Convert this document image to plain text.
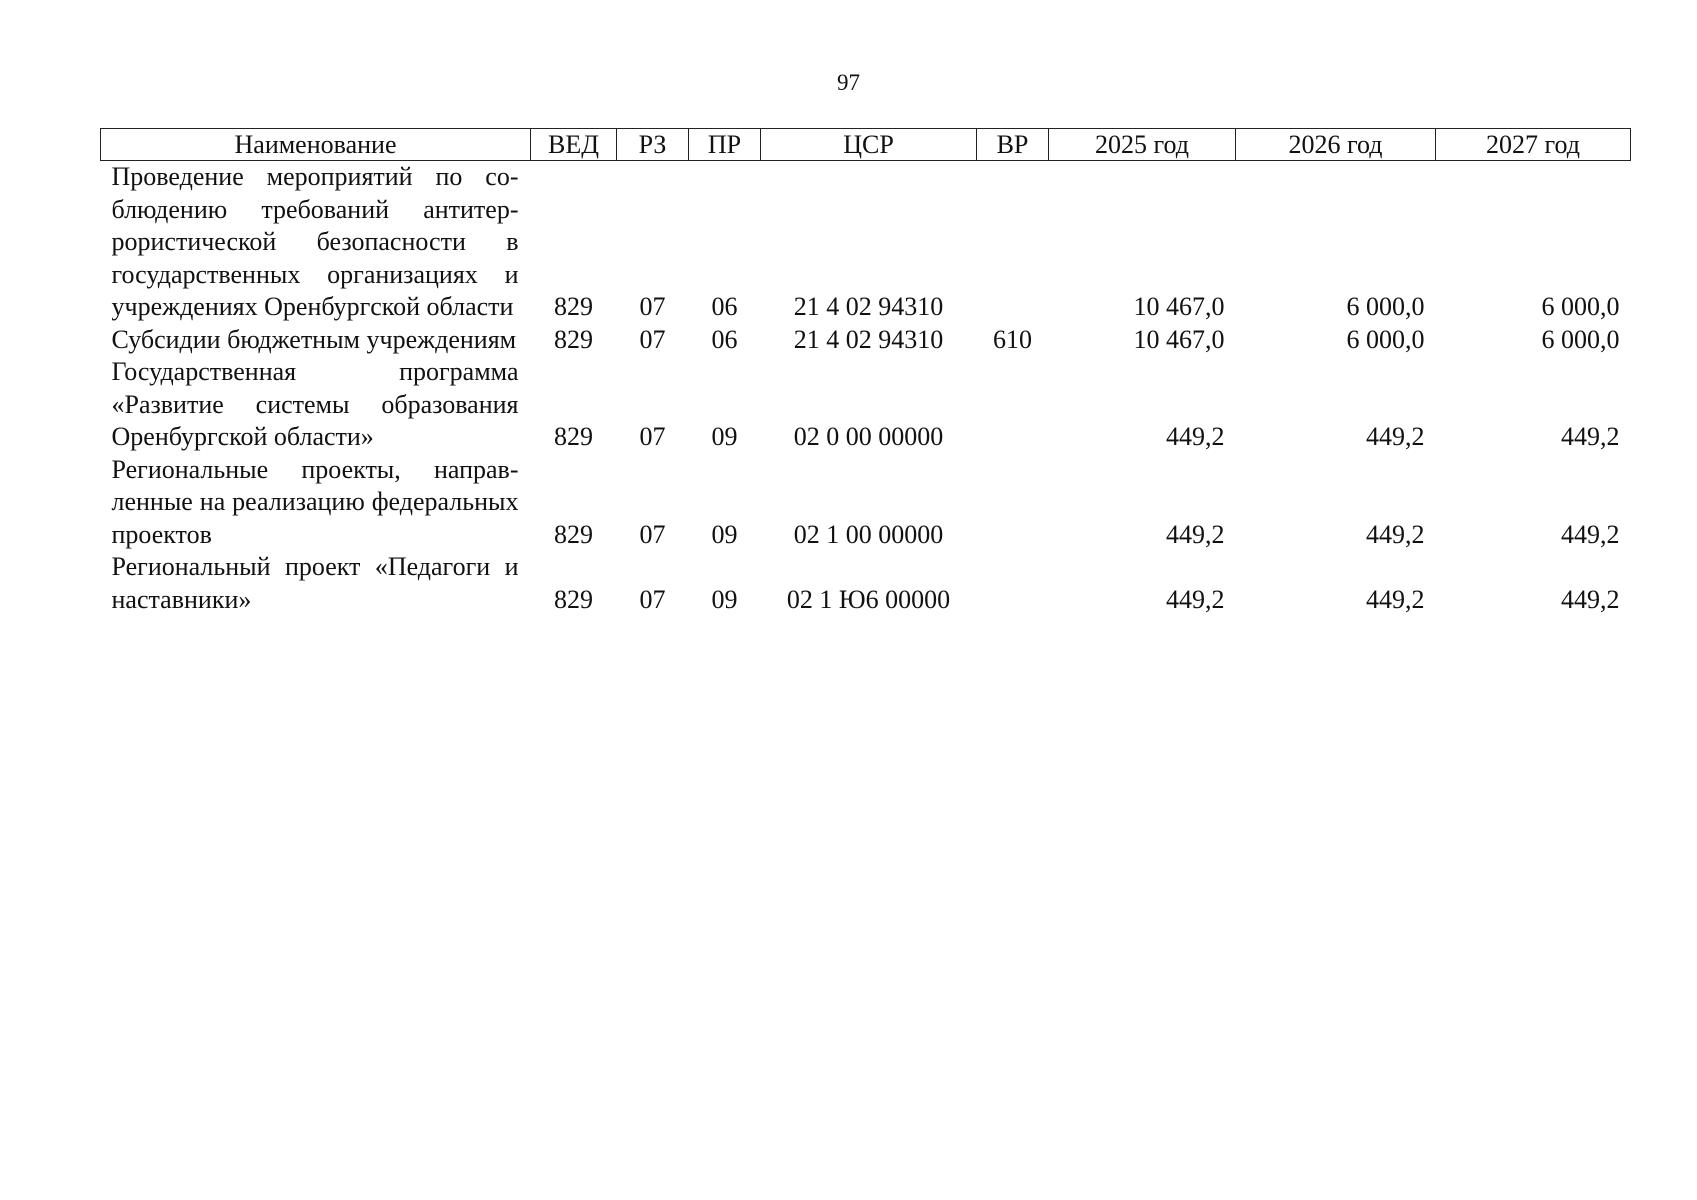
97
Наименование	ВЕД	РЗ	ПР	ЦСР	ВР	2025 год	2026 год	2027 год
Проведение мероприятий по соблюдению требований антитеррористической безопасности в государственных организациях и учреждениях Оренбургской области	829	07	06	21 4 02 94310		10 467,0	6 000,0	6 000,0
Субсидии бюджетным учреждениям	829	07	06	21 4 02 94310	610	10 467,0	6 000,0	6 000,0
Государственная программа «Развитие системы образования Оренбургской области»	829	07	09	02 0 00 00000		449,2	449,2	449,2
Региональные проекты, направленные на реализацию федеральных проектов	829	07	09	02 1 00 00000		449,2	449,2	449,2
Региональный проект «Педагоги и наставники»	829	07	09	02 1 Ю6 00000		449,2	449,2	449,2
